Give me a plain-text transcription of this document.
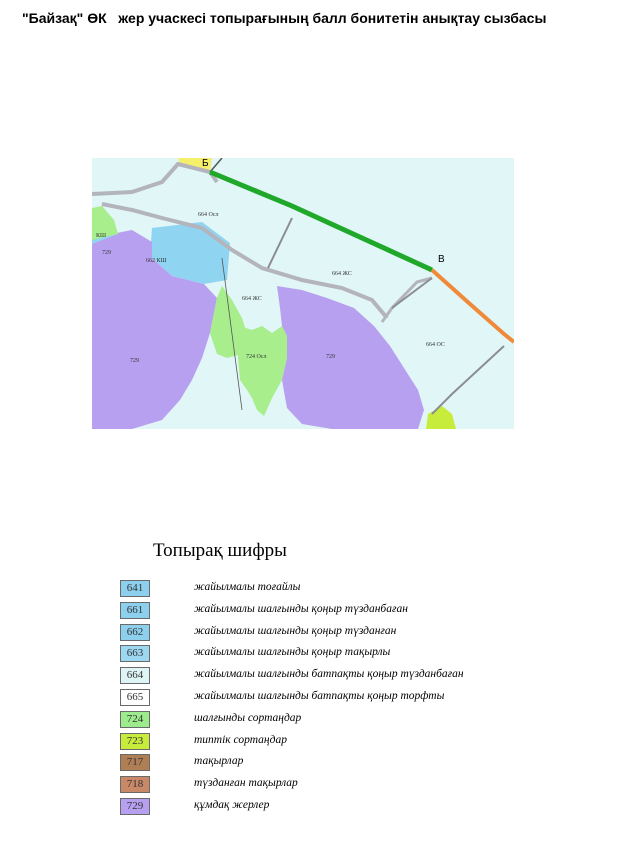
"Байзақ" ӨК   жер учаскесі топырағының балл бонитетін анықтау сызбасы
Б
В
664 Осл
664 ЖС
664 ОС
662 КШ
664 ЖС
724 Осл
729
729
729
КШ
Топырақ шифры
641	жайылмалы тоғайлы
661	жайылмалы шалғынды қоңыр түзданбаған
662	жайылмалы шалғынды қоңыр түзданған
663	жайылмалы шалғынды қоңыр тақырлы
664	жайылмалы шалғынды батпақты қоңыр түзданбаған
665	жайылмалы шалғынды батпақты қоңыр торфты
724	шалғынды сортаңдар
723	типтік сортаңдар
717	тақырлар
718	түзданған тақырлар
729	құмдақ жерлер
